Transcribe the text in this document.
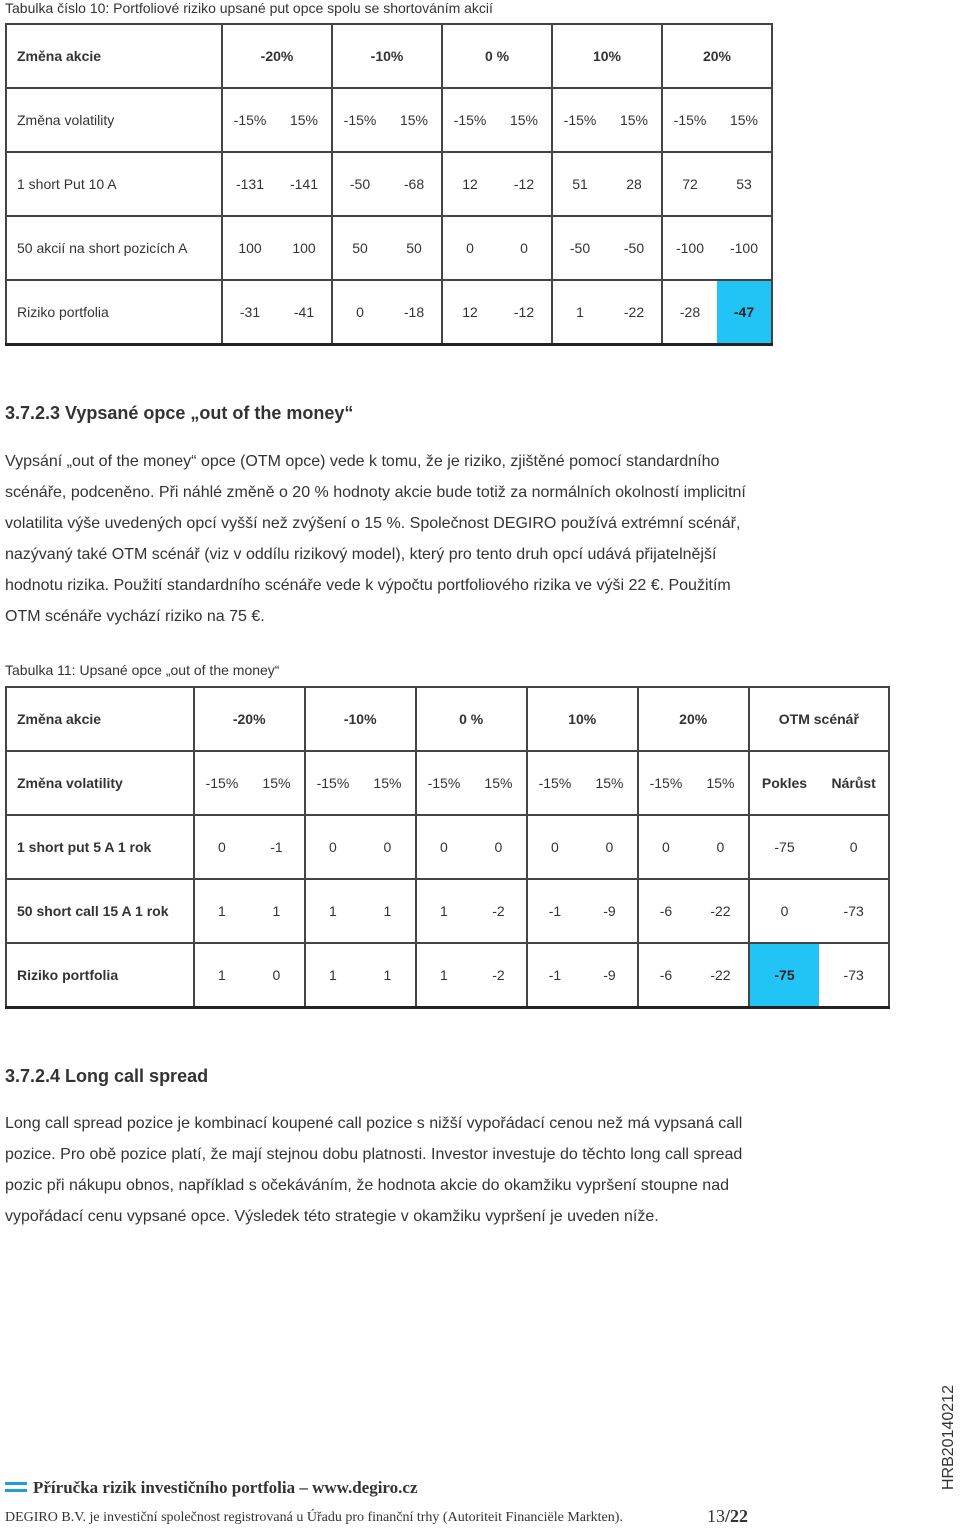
Tabulka číslo 10: Portfoliové riziko upsané put opce spolu se shortováním akcií
Změna akcie	-20%		-10%		0 %		10%		20%	
Změna volatility	-15%	15%	-15%	15%	-15%	15%	-15%	15%	-15%	15%
1 short Put 10 A	-131	-141	-50	-68	12	-12	51	28	72	53
50 akcií na short pozicích A	100	100	50	50	0	0	-50	-50	-100	-100
Riziko portfolia	-31	-41	0	-18	12	-12	1	-22	-28	-47
3.7.2.3 Vypsané opce „out of the money“

Vypsání „out of the money“ opce (OTM opce) vede k tomu, že je riziko, zjištěné pomocí standardního scénáře, podceněno. Při náhlé změně o 20 % hodnoty akcie bude totiž za normálních okolností implicitní volatilita výše uvedených opcí vyšší než zvýšení o 15 %. Společnost DEGIRO používá extrémní scénář, nazývaný také OTM scénář (viz v oddílu rizikový model), který pro tento druh opcí udává přijatelnější hodnotu rizika. Použití standardního scénáře vede k výpočtu portfoliového rizika ve výši 22 €. Použitím OTM scénáře vychází riziko na 75 €.

Tabulka 11: Upsané opce „out of the money“
Změna akcie	-20%		-10%		0 %		10%		20%		OTM scénář	
Změna volatility	-15%	15%	-15%	15%	-15%	15%	-15%	15%	-15%	15%	Pokles	Nárůst
1 short put 5 A 1 rok	0	-1	0	0	0	0	0	0	0	0	-75	0
50 short call 15 A 1 rok	1	1	1	1	1	-2	-1	-9	-6	-22	0	-73
Riziko portfolia	1	0	1	1	1	-2	-1	-9	-6	-22	-75	-73
3.7.2.4 Long call spread

Long call spread pozice je kombinací koupené call pozice s nižší vypořádací cenou než má vypsaná call pozice. Pro obě pozice platí, že mají stejnou dobu platnosti. Investor investuje do těchto long call spread pozic při nákupu obnos, například s očekáváním, že hodnota akcie do okamžiku vypršení stoupne nad vypořádací cenu vypsané opce. Výsledek této strategie v okamžiku vypršení je uveden níže.

HRB20140212
Příručka rizik investičního portfolia – www.degiro.cz
DEGIRO B.V. je investiční společnost registrovaná u Úřadu pro finanční trhy (Autoriteit Financiële Markten).	13/22
